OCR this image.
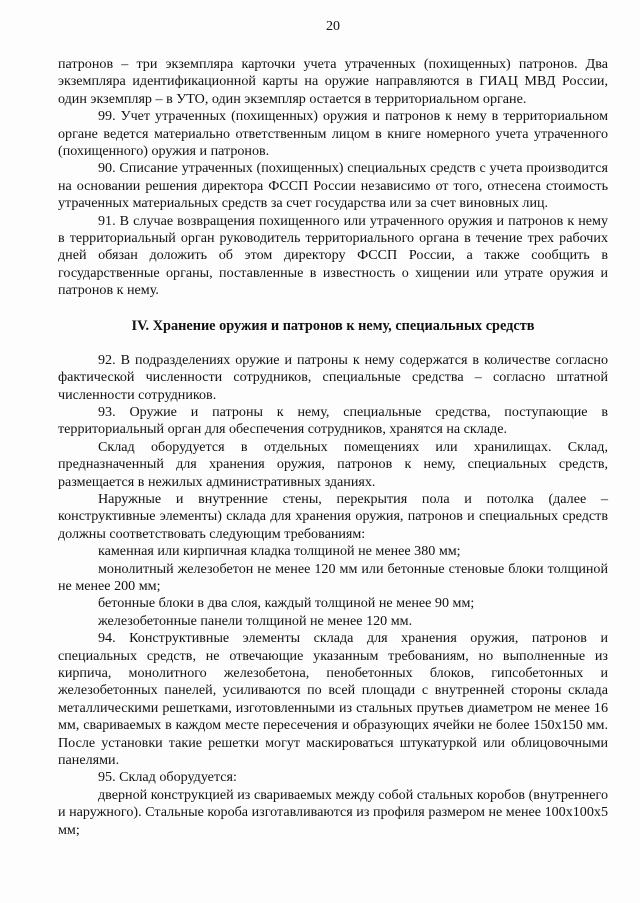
20

патронов – три экземпляра карточки учета утраченных (похищенных) патронов. Два экземпляра идентификационной карты на оружие направляются в ГИАЦ МВД России, один экземпляр – в УТО, один экземпляр остается в территориальном органе.

99. Учет утраченных (похищенных) оружия и патронов к нему в территориальном органе ведется материально ответственным лицом в книге номерного учета утраченного (похищенного) оружия и патронов.

90. Списание утраченных (похищенных) специальных средств с учета производится на основании решения директора ФССП России независимо от того, отнесена стоимость утраченных материальных средств за счет государства или за счет виновных лиц.

91. В случае возвращения похищенного или утраченного оружия и патронов к нему в территориальный орган руководитель территориального органа в течение трех рабочих дней обязан доложить об этом директору ФССП России, а также сообщить в государственные органы, поставленные в известность о хищении или утрате оружия и патронов к нему.

IV. Хранение оружия и патронов к нему, специальных средств

92. В подразделениях оружие и патроны к нему содержатся в количестве согласно фактической численности сотрудников, специальные средства – согласно штатной численности сотрудников.

93. Оружие и патроны к нему, специальные средства, поступающие в территориальный орган для обеспечения сотрудников, хранятся на складе.

Склад оборудуется в отдельных помещениях или хранилищах. Склад, предназначенный для хранения оружия, патронов к нему, специальных средств, размещается в нежилых административных зданиях.

Наружные и внутренние стены, перекрытия пола и потолка (далее – конструктивные элементы) склада для хранения оружия, патронов и специальных средств должны соответствовать следующим требованиям:

каменная или кирпичная кладка толщиной не менее 380 мм;

монолитный железобетон не менее 120 мм или бетонные стеновые блоки толщиной не менее 200 мм;

бетонные блоки в два слоя, каждый толщиной не менее 90 мм;

железобетонные панели толщиной не менее 120 мм.

94. Конструктивные элементы склада для хранения оружия, патронов и специальных средств, не отвечающие указанным требованиям, но выполненные из кирпича, монолитного железобетона, пенобетонных блоков, гипсобетонных и железобетонных панелей, усиливаются по всей площади с внутренней стороны склада металлическими решетками, изготовленными из стальных прутьев диаметром не менее 16 мм, свариваемых в каждом месте пересечения и образующих ячейки не более 150х150 мм. После установки такие решетки могут маскироваться штукатуркой или облицовочными панелями.

95. Склад оборудуется:

дверной конструкцией из свариваемых между собой стальных коробов (внутреннего и наружного). Стальные короба изготавливаются из профиля размером не менее 100х100х5 мм;
